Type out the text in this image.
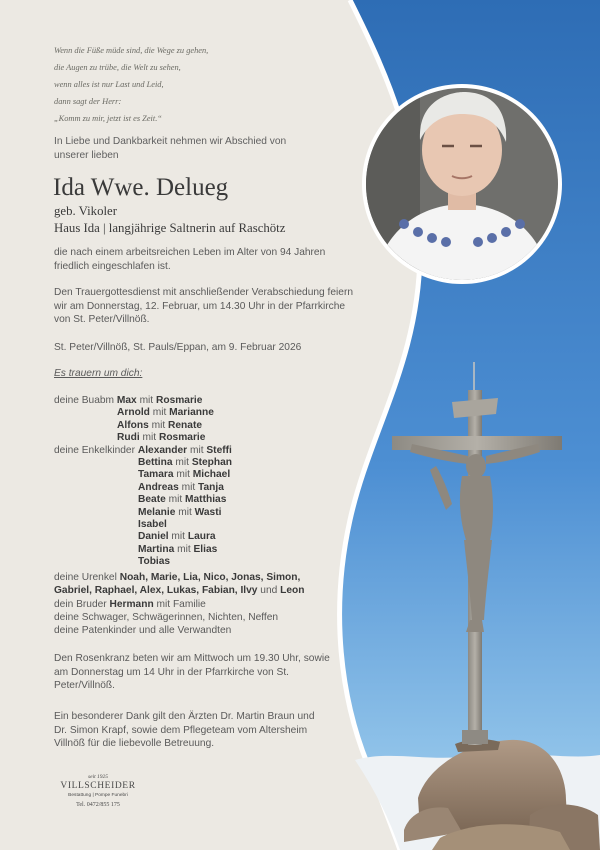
Wenn die Füße müde sind, die Wege zu gehen,
die Augen zu trübe, die Welt zu sehen,
wenn alles ist nur Last und Leid,
dann sagt der Herr:
„Komm zu mir, jetzt ist es Zeit.“
In Liebe und Dankbarkeit nehmen wir Abschied von unserer lieben
Ida Wwe. Delueg
geb. Vikoler
Haus Ida | langjährige Saltnerin auf Raschötz
die nach einem arbeitsreichen Leben im Alter von 94 Jahren friedlich eingeschlafen ist.
Den Trauergottesdienst mit anschließender Verabschiedung feiern wir am Donnerstag, 12. Februar, um 14.30 Uhr in der Pfarrkirche von St. Peter/Villnöß.
St. Peter/Villnöß, St. Pauls/Eppan, am 9. Februar 2026
Es trauern um dich:
deine Buabm Max mit Rosmarie
Arnold mit Marianne
Alfons mit Renate
Rudi mit Rosmarie
deine Enkelkinder Alexander mit Steffi
Bettina mit Stephan
Tamara mit Michael
Andreas mit Tanja
Beate mit Matthias
Melanie mit Wasti
Isabel
Daniel mit Laura
Martina mit Elias
Tobias
deine Urenkel Noah, Marie, Lia, Nico, Jonas, Simon, Gabriel, Raphael, Alex, Lukas, Fabian, Ilvy und Leon
dein Bruder Hermann mit Familie
deine Schwager, Schwägerinnen, Nichten, Neffen
deine Patenkinder und alle Verwandten
Den Rosenkranz beten wir am Mittwoch um 19.30 Uhr, sowie am Donnerstag um 14 Uhr in der Pfarrkirche von St. Peter/Villnöß.
Ein besonderer Dank gilt den Ärzten Dr. Martin Braun und Dr. Simon Krapf, sowie dem Pflegeteam vom Altersheim Villnöß für die liebevolle Betreuung.
seit 1925
VILLSCHEIDER
Bestattung | Pompe Funebri
Tel. 0472/855 175
